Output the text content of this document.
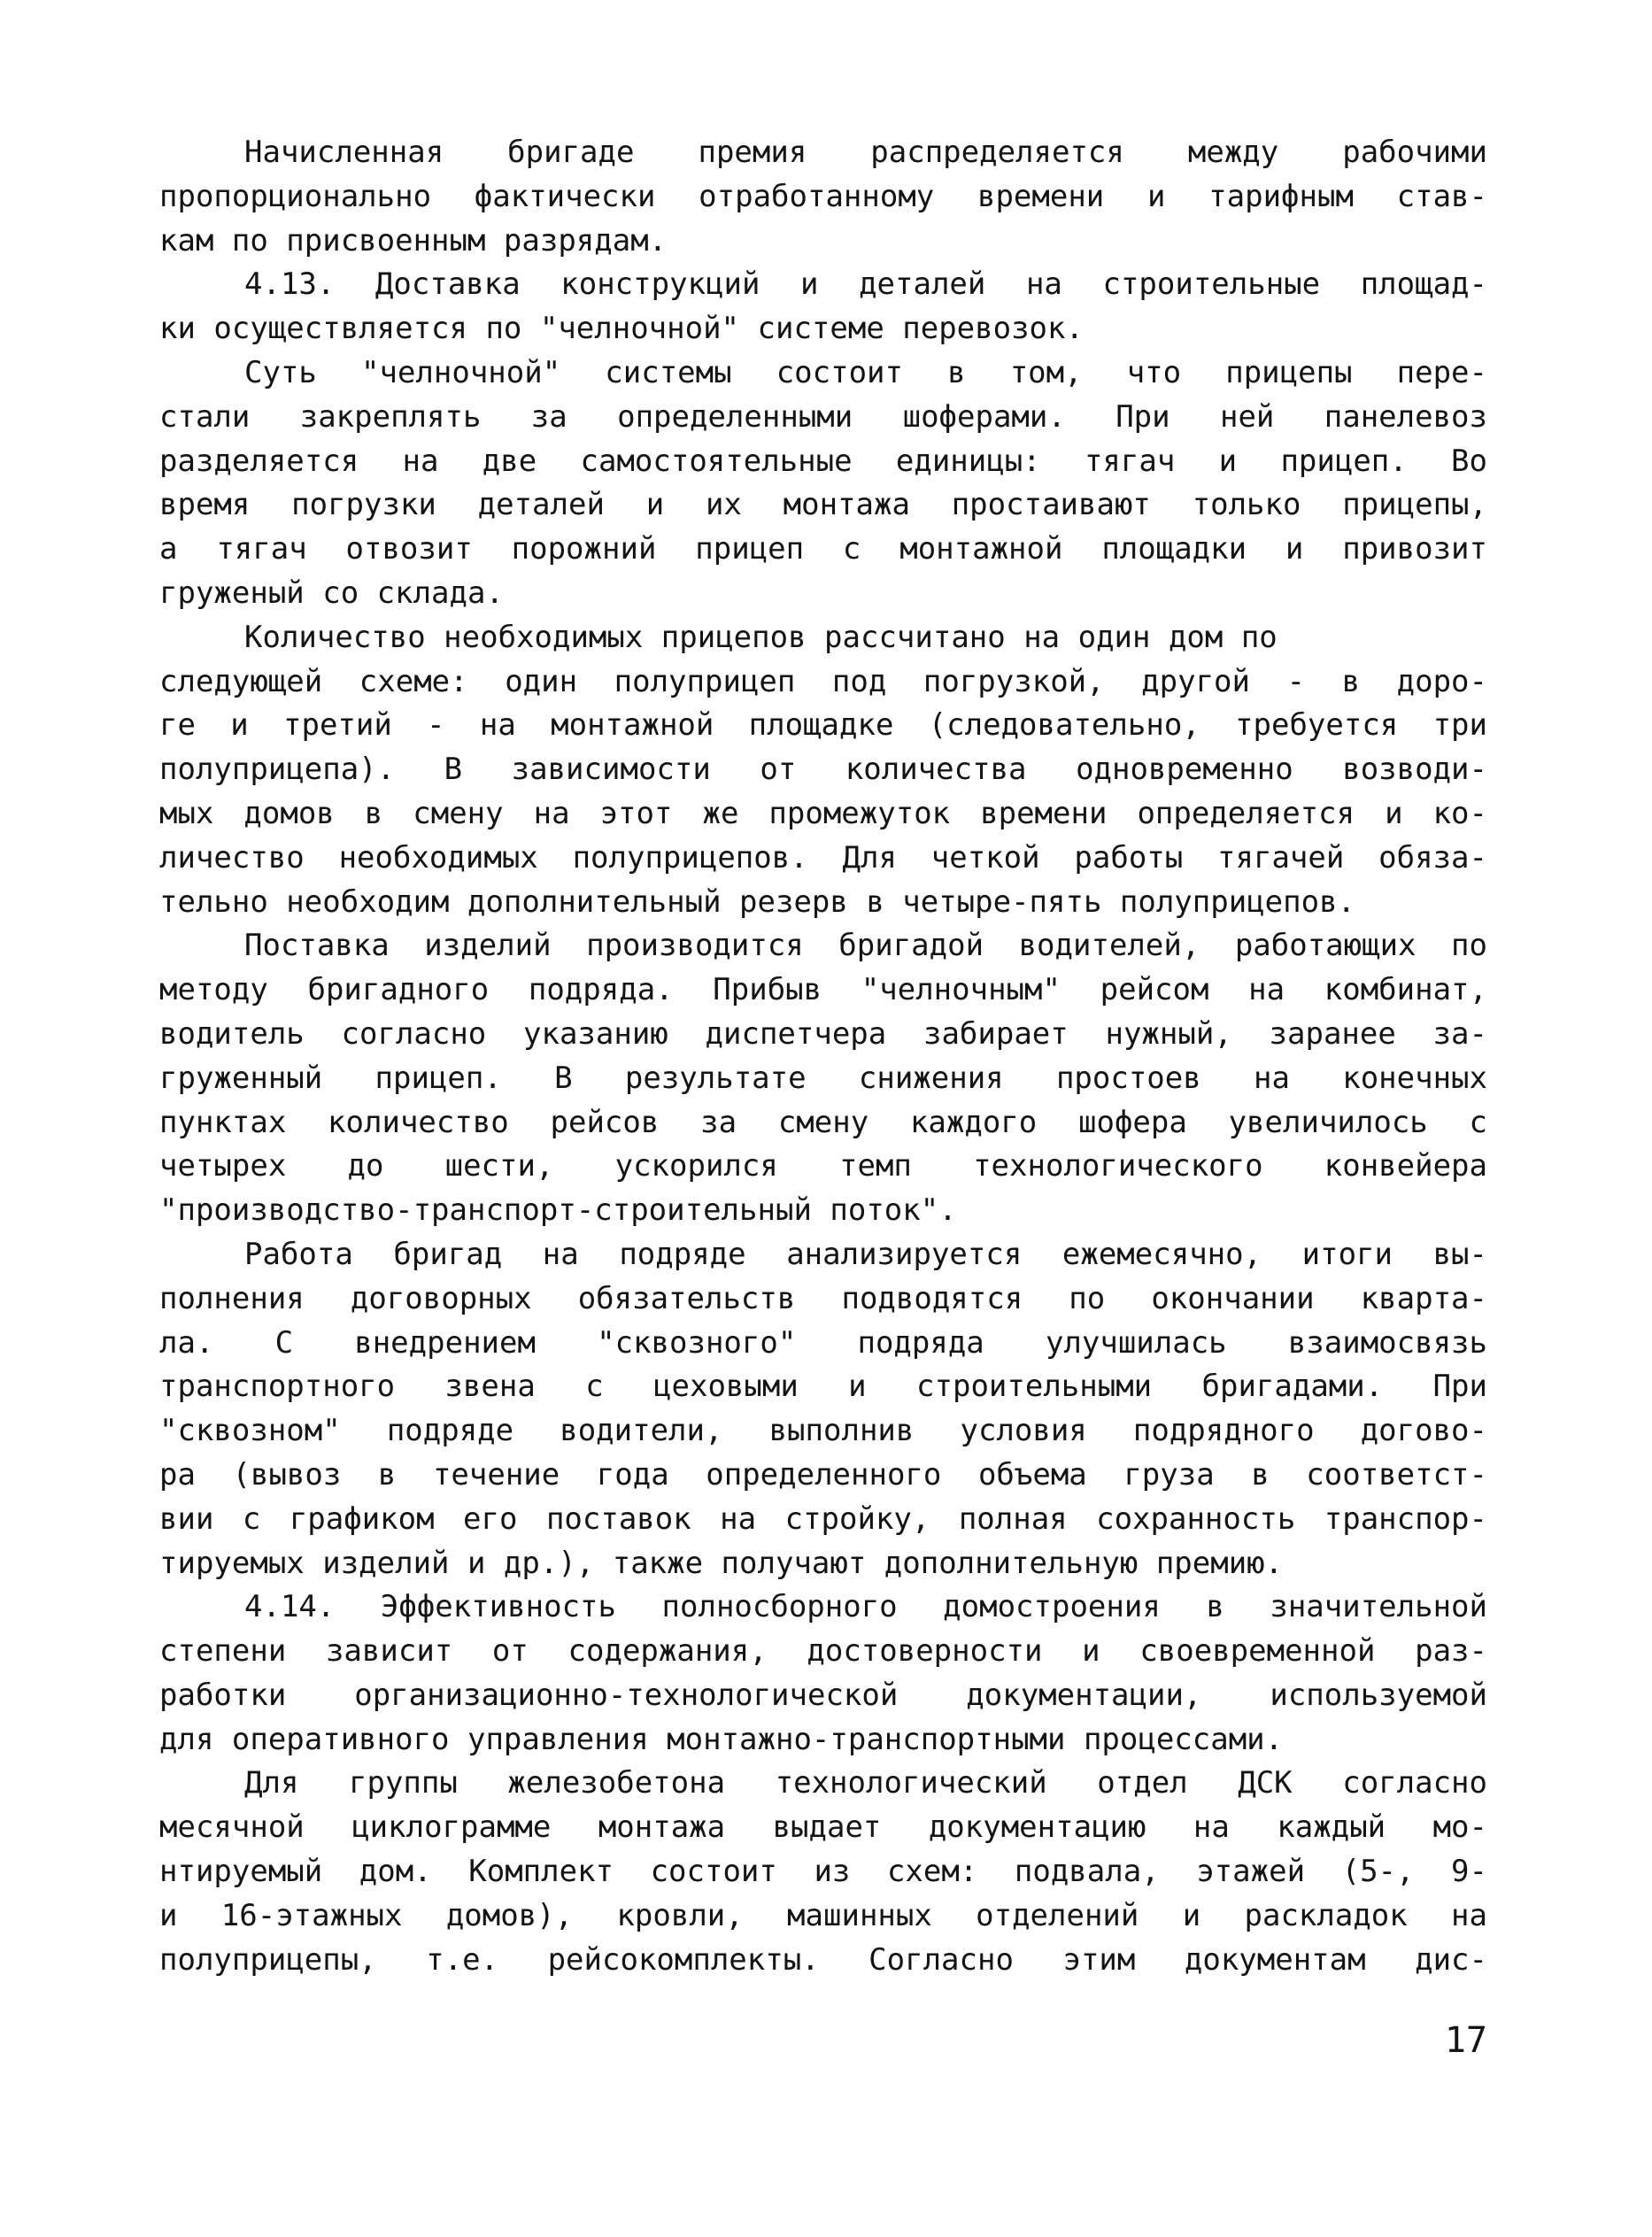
Начисленная бригаде премия распределяется между рабочими
пропорционально фактически отработанному времени и тарифным став-
кам по присвоенным разрядам.
4.13. Доставка конструкций и деталей на строительные площад-
ки осуществляется по "челночной" системе перевозок.
Суть "челночной" системы состоит в том, что прицепы пере-
стали закреплять за определенными шоферами. При ней панелевоз
разделяется на две самостоятельные единицы: тягач и прицеп. Во
время погрузки деталей и их монтажа простаивают только прицепы,
а тягач отвозит порожний прицеп с монтажной площадки и привозит
груженый со склада.
Количество необходимых прицепов рассчитано на один дом по
следующей схеме: один полуприцеп под погрузкой, другой - в доро-
ге и третий - на монтажной площадке (следовательно, требуется три
полуприцепа). В зависимости от количества одновременно возводи-
мых домов в смену на этот же промежуток времени определяется и ко-
личество необходимых полуприцепов. Для четкой работы тягачей обяза-
тельно необходим дополнительный резерв в четыре-пять полуприцепов.
Поставка изделий производится бригадой водителей, работающих по
методу бригадного подряда. Прибыв "челночным" рейсом на комбинат,
водитель согласно указанию диспетчера забирает нужный, заранее за-
груженный прицеп. В результате снижения простоев на конечных
пунктах количество рейсов за смену каждого шофера увеличилось с
четырех до шести, ускорился темп технологического конвейера
"производство-транспорт-строительный поток".
Работа бригад на подряде анализируется ежемесячно, итоги вы-
полнения договорных обязательств подводятся по окончании кварта-
ла. С внедрением "сквозного" подряда улучшилась взаимосвязь
транспортного звена с цеховыми и строительными бригадами. При
"сквозном" подряде водители, выполнив условия подрядного догово-
ра (вывоз в течение года определенного объема груза в соответст-
вии с графиком его поставок на стройку, полная сохранность транспор-
тируемых изделий и др.), также получают дополнительную премию.
4.14. Эффективность полносборного домостроения в значительной
степени зависит от содержания, достоверности и своевременной раз-
работки организационно-технологической документации, используемой
для оперативного управления монтажно-транспортными процессами.
Для группы железобетона технологический отдел ДСК согласно
месячной циклограмме монтажа выдает документацию на каждый мо-
нтируемый дом. Комплект состоит из схем: подвала, этажей (5-, 9-
и 16-этажных домов), кровли, машинных отделений и раскладок на
полуприцепы, т.е. рейсокомплекты. Согласно этим документам дис-
17
